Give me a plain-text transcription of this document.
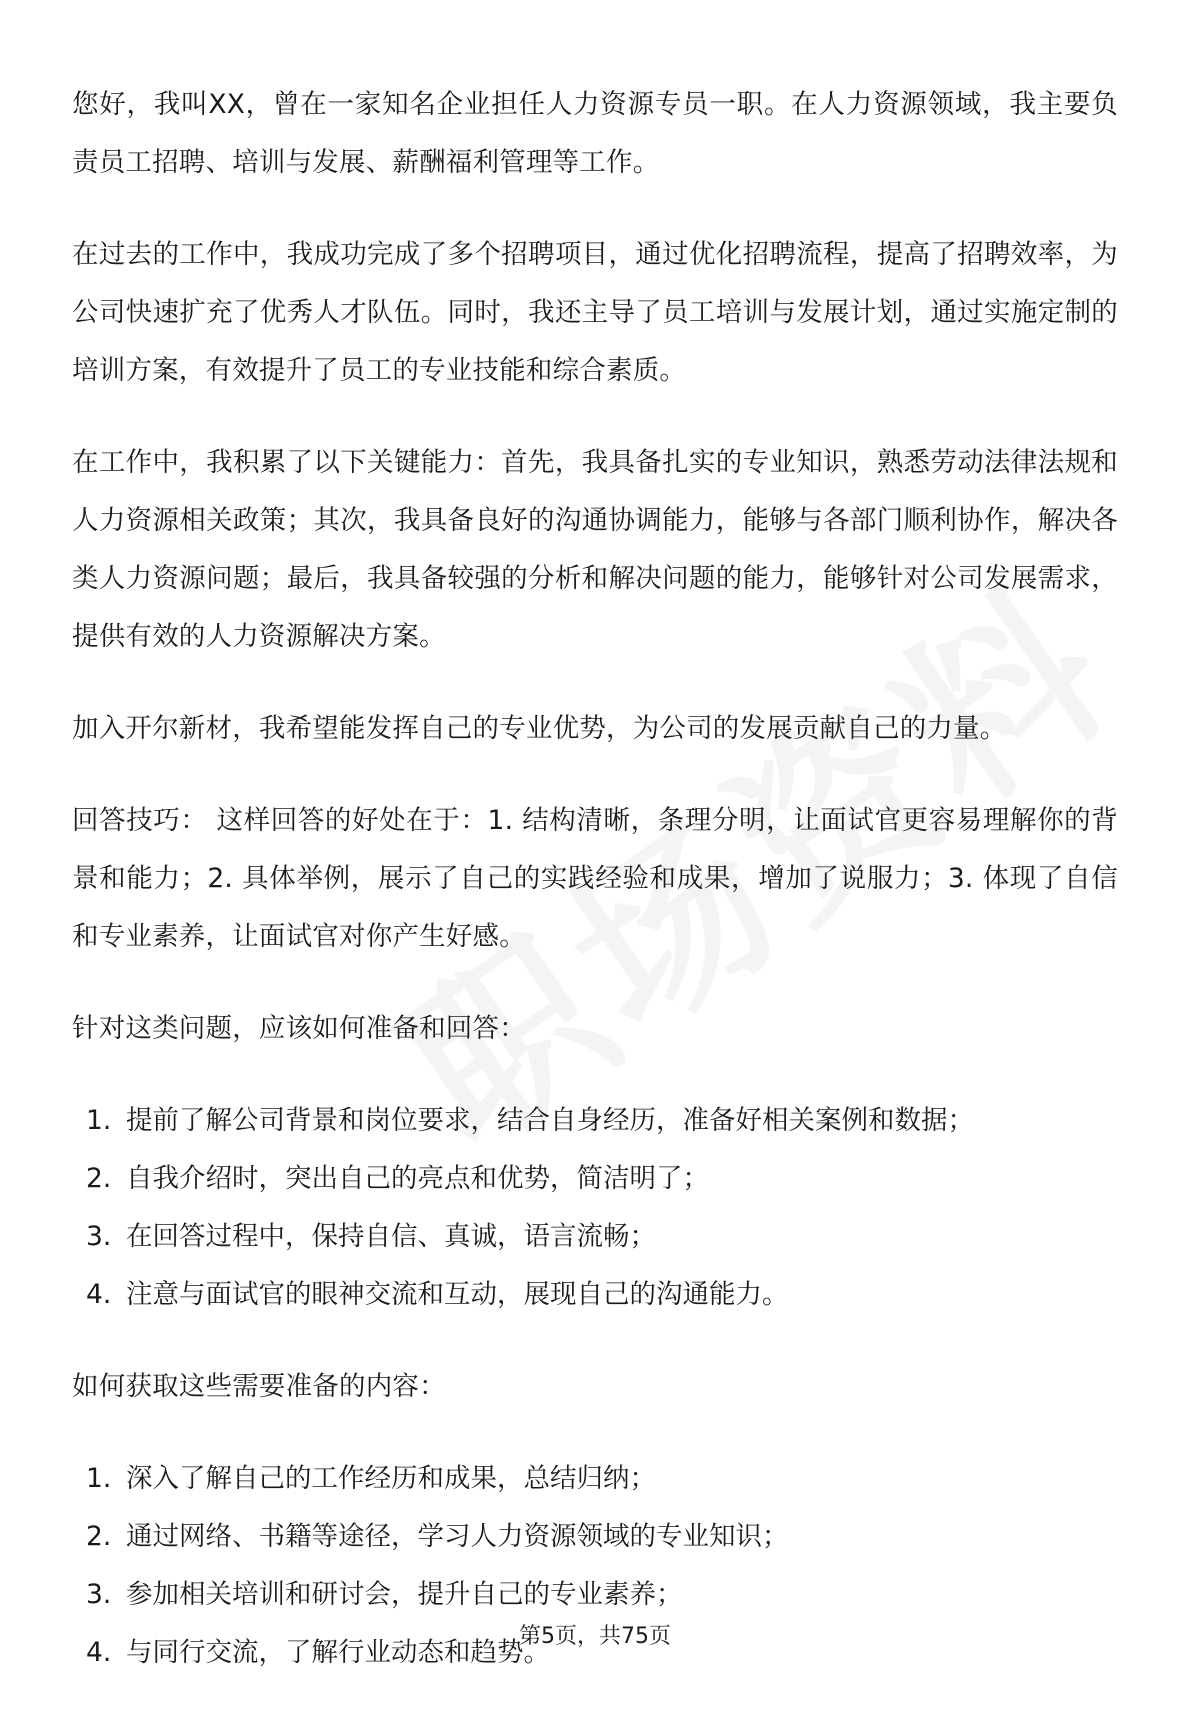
您好，我叫XX，曾在一家知名企业担任人力资源专员一职。在人力资源领域，我主要负责员工招聘、培训与发展、薪酬福利管理等工作。

在过去的工作中，我成功完成了多个招聘项目，通过优化招聘流程，提高了招聘效率，为公司快速扩充了优秀人才队伍。同时，我还主导了员工培训与发展计划，通过实施定制的培训方案，有效提升了员工的专业技能和综合素质。

在工作中，我积累了以下关键能力：首先，我具备扎实的专业知识，熟悉劳动法律法规和人力资源相关政策；其次，我具备良好的沟通协调能力，能够与各部门顺利协作，解决各类人力资源问题；最后，我具备较强的分析和解决问题的能力，能够针对公司发展需求，提供有效的人力资源解决方案。

加入开尔新材，我希望能发挥自己的专业优势，为公司的发展贡献自己的力量。

回答技巧： 这样回答的好处在于：1. 结构清晰，条理分明，让面试官更容易理解你的背景和能力；2. 具体举例，展示了自己的实践经验和成果，增加了说服力；3. 体现了自信和专业素养，让面试官对你产生好感。

针对这类问题，应该如何准备和回答：

1. 提前了解公司背景和岗位要求，结合自身经历，准备好相关案例和数据；
2. 自我介绍时，突出自己的亮点和优势，简洁明了；
3. 在回答过程中，保持自信、真诚，语言流畅；
4. 注意与面试官的眼神交流和互动，展现自己的沟通能力。

如何获取这些需要准备的内容：

1. 深入了解自己的工作经历和成果，总结归纳；
2. 通过网络、书籍等途径，学习人力资源领域的专业知识；
3. 参加相关培训和研讨会，提升自己的专业素养；
4. 与同行交流，了解行业动态和趋势。
第5页，共75页
